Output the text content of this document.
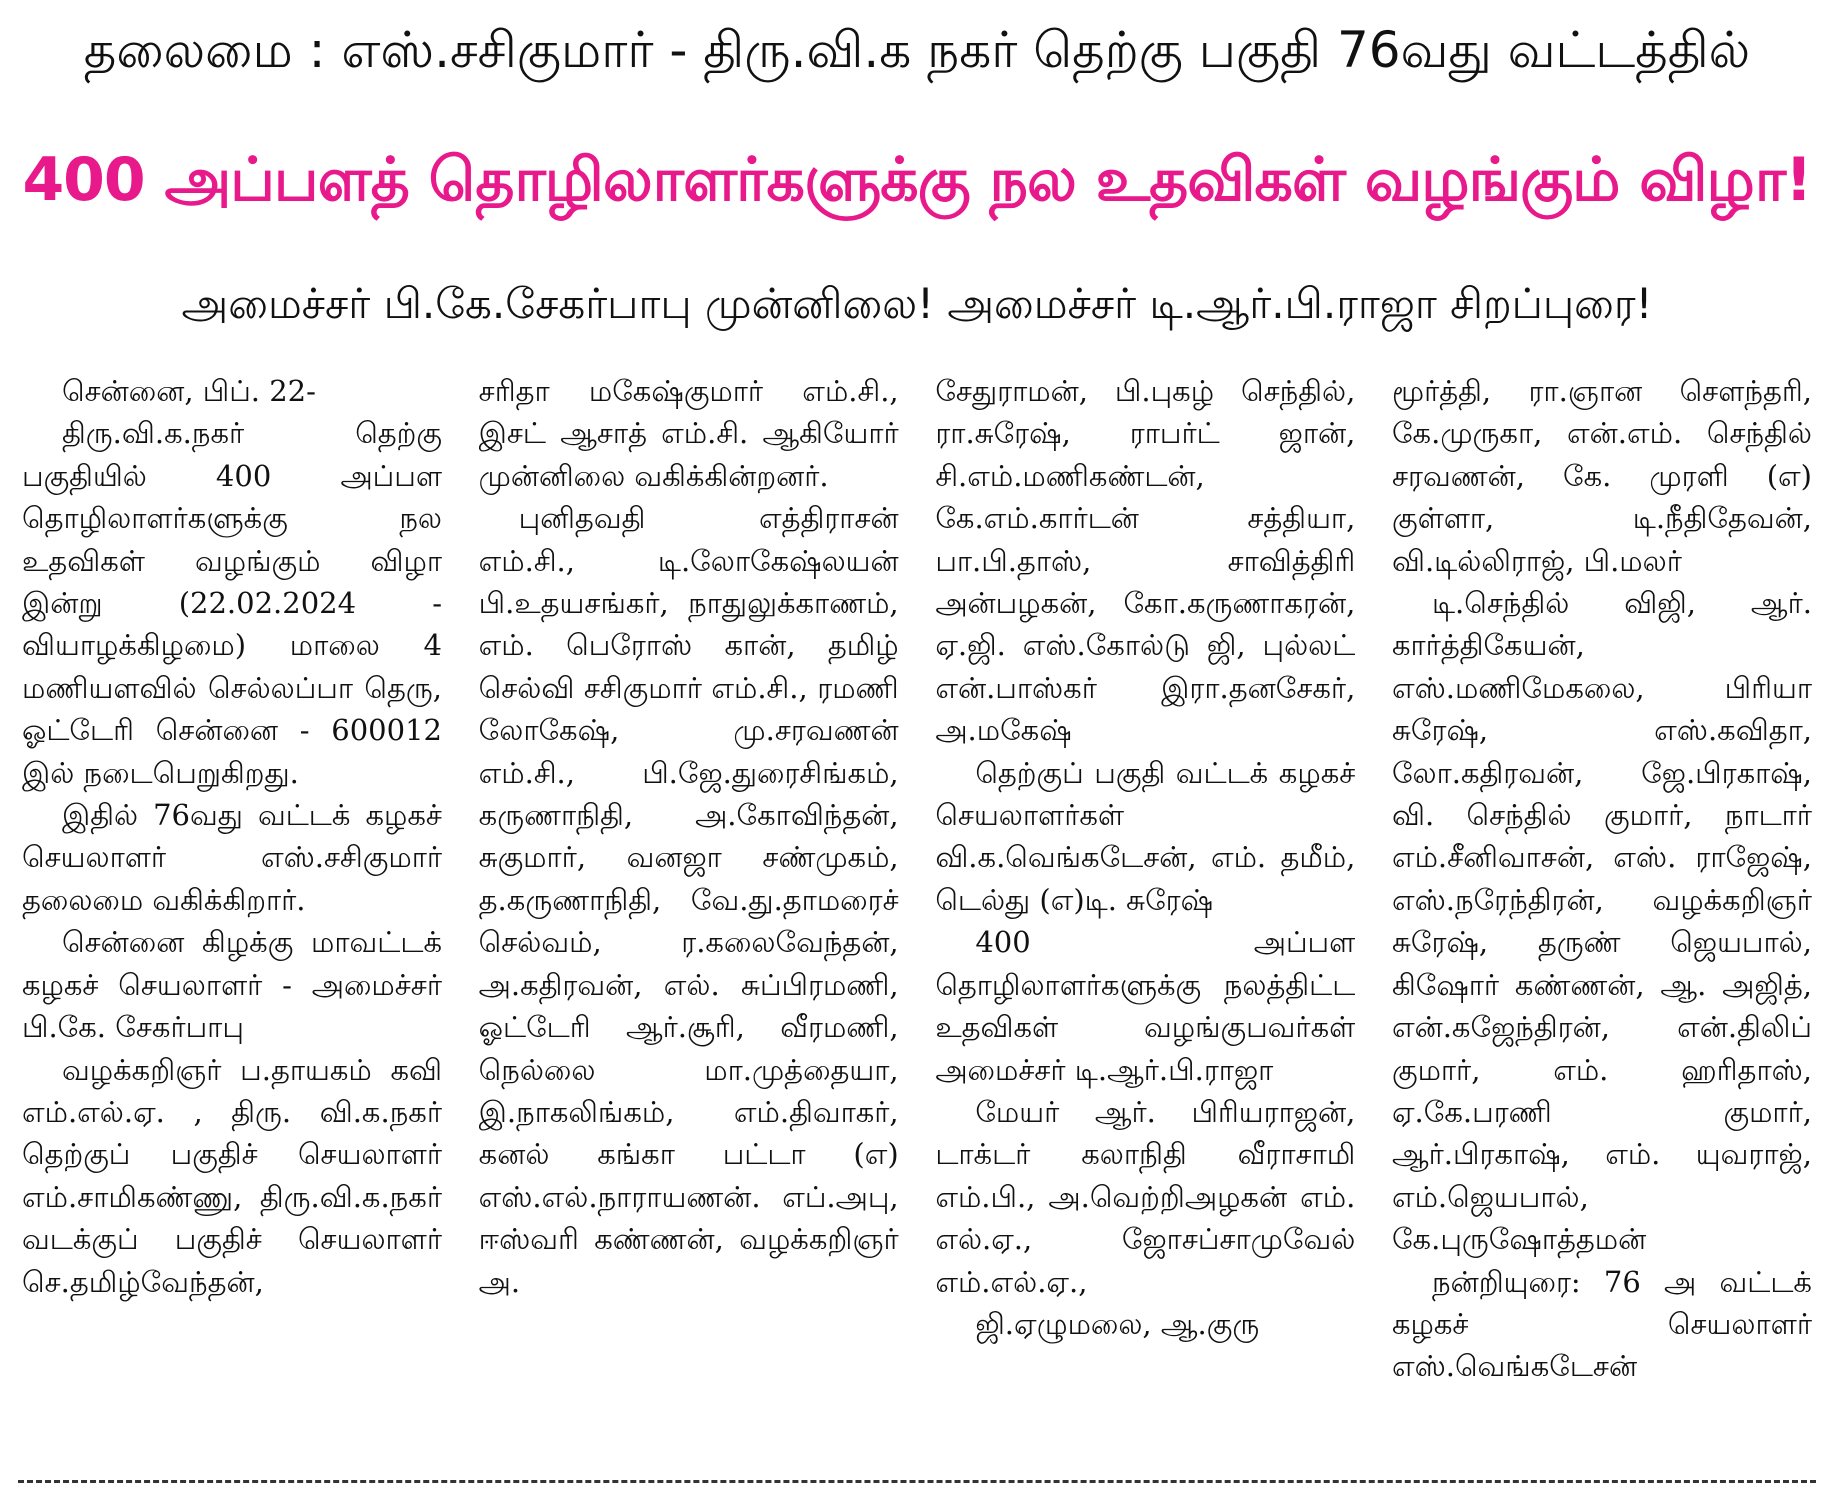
தலைமை : எஸ்.சசிகுமார் - திரு.வி.க நகர் தெற்கு பகுதி 76வது வட்டத்தில்
400 அப்பளத் தொழிலாளர்களுக்கு நல உதவிகள் வழங்கும் விழா!
அமைச்சர் பி.கே.சேகர்பாபு முன்னிலை! அமைச்சர் டி.ஆர்.பி.ராஜா சிறப்புரை!

சென்னை, பிப். 22-

திரு.வி.க.நகர் தெற்கு பகுதியில் 400 அப்பள தொழிலாளர்களுக்கு நல உதவிகள் வழங்கும் விழா இன்று (22.02.2024 - வியாழக்கிழமை) மாலை 4 மணியளவில் செல்லப்பா தெரு, ஓட்டேரி சென்னை - 600012 இல் நடைபெறுகிறது.

இதில் 76வது வட்டக் கழகச் செயலாளர் எஸ்.சசிகுமார் தலைமை வகிக்கிறார்.

சென்னை கிழக்கு மாவட்டக் கழகச் செயலாளர் - அமைச்சர் பி.கே. சேகர்பாபு

வழக்கறிஞர் ப.தாயகம் கவி எம்.எல்.ஏ. , திரு. வி.க.நகர் தெற்குப் பகுதிச் செயலாளர் எம்.சாமிகண்ணு, திரு.வி.க.நகர் வடக்குப் பகுதிச் செயலாளர் செ.தமிழ்வேந்தன்,

சரிதா மகேஷ்குமார் எம்.சி., இசட் ஆசாத் எம்.சி. ஆகியோர் முன்னிலை வகிக்கின்றனர்.

புனிதவதி எத்திராசன் எம்.சி., டி.லோகேஷ்லயன் பி.உதயசங்கர், நாதுலுக்காணம், எம். பெரோஸ் கான், தமிழ் செல்வி சசிகுமார் எம்.சி., ரமணி லோகேஷ், மு.சரவணன் எம்.சி., பி.ஜே.துரைசிங்கம், கருணாநிதி, அ.கோவிந்தன், சுகுமார், வனஜா சண்முகம், த.கருணாநிதி, வே.து.தாமரைச் செல்வம், ர.கலைவேந்தன், அ.கதிரவன், எல். சுப்பிரமணி, ஓட்டேரி ஆர்.சூரி, வீரமணி, நெல்லை மா.முத்தையா, இ.நாகலிங்கம், எம்.திவாகர், கனல் கங்கா பட்டா (எ) எஸ்.எல்.நாராயணன். எப்.அபு, ஈஸ்வரி கண்ணன், வழக்கறிஞர் அ.

சேதுராமன், பி.புகழ் செந்தில், ரா.சுரேஷ், ராபர்ட் ஜான், சி.எம்.மணிகண்டன், கே.எம்.கார்டன் சத்தியா, பா.பி.தாஸ், சாவித்திரி அன்பழகன், கோ.கருணாகரன், ஏ.ஜி. எஸ்.கோல்டு ஜி, புல்லட் என்.பாஸ்கர் இரா.தனசேகர், அ.மகேஷ்

தெற்குப் பகுதி வட்டக் கழகச் செயலாளர்கள் வி.க.வெங்கடேசன், எம். தமீம், டெல்து (எ)டி. சுரேஷ்

400 அப்பள தொழிலாளர்களுக்கு நலத்திட்ட உதவிகள் வழங்குபவர்கள் அமைச்சர் டி.ஆர்.பி.ராஜா

மேயர் ஆர். பிரியராஜன், டாக்டர் கலாநிதி வீராசாமி எம்.பி., அ.வெற்றிஅழகன் எம். எல்.ஏ., ஜோசப்சாமுவேல் எம்.எல்.ஏ.,

ஜி.ஏழுமலை, ஆ.குரு

மூர்த்தி, ரா.ஞான சௌந்தரி, கே.முருகா, என்.எம். செந்தில் சரவணன், கே. முரளி (எ) குள்ளா, டி.நீதிதேவன், வி.டில்லிராஜ், பி.மலர்

டி.செந்தில் விஜி, ஆர். கார்த்திகேயன், எஸ்.மணிமேகலை, பிரியா சுரேஷ், எஸ்.கவிதா, லோ.கதிரவன், ஜே.பிரகாஷ், வி. செந்தில் குமார், நாடார் எம்.சீனிவாசன், எஸ். ராஜேஷ், எஸ்.நரேந்திரன், வழக்கறிஞர் சுரேஷ், தருண் ஜெயபால், கிஷோர் கண்ணன், ஆ. அஜித், என்.கஜேந்திரன், என்.திலிப் குமார், எம். ஹரிதாஸ், ஏ.கே.பரணி குமார், ஆர்.பிரகாஷ், எம். யுவராஜ், எம்.ஜெயபால், கே.புருஷோத்தமன்

நன்றியுரை: 76 அ வட்டக் கழகச் செயலாளர் எஸ்.வெங்கடேசன்
